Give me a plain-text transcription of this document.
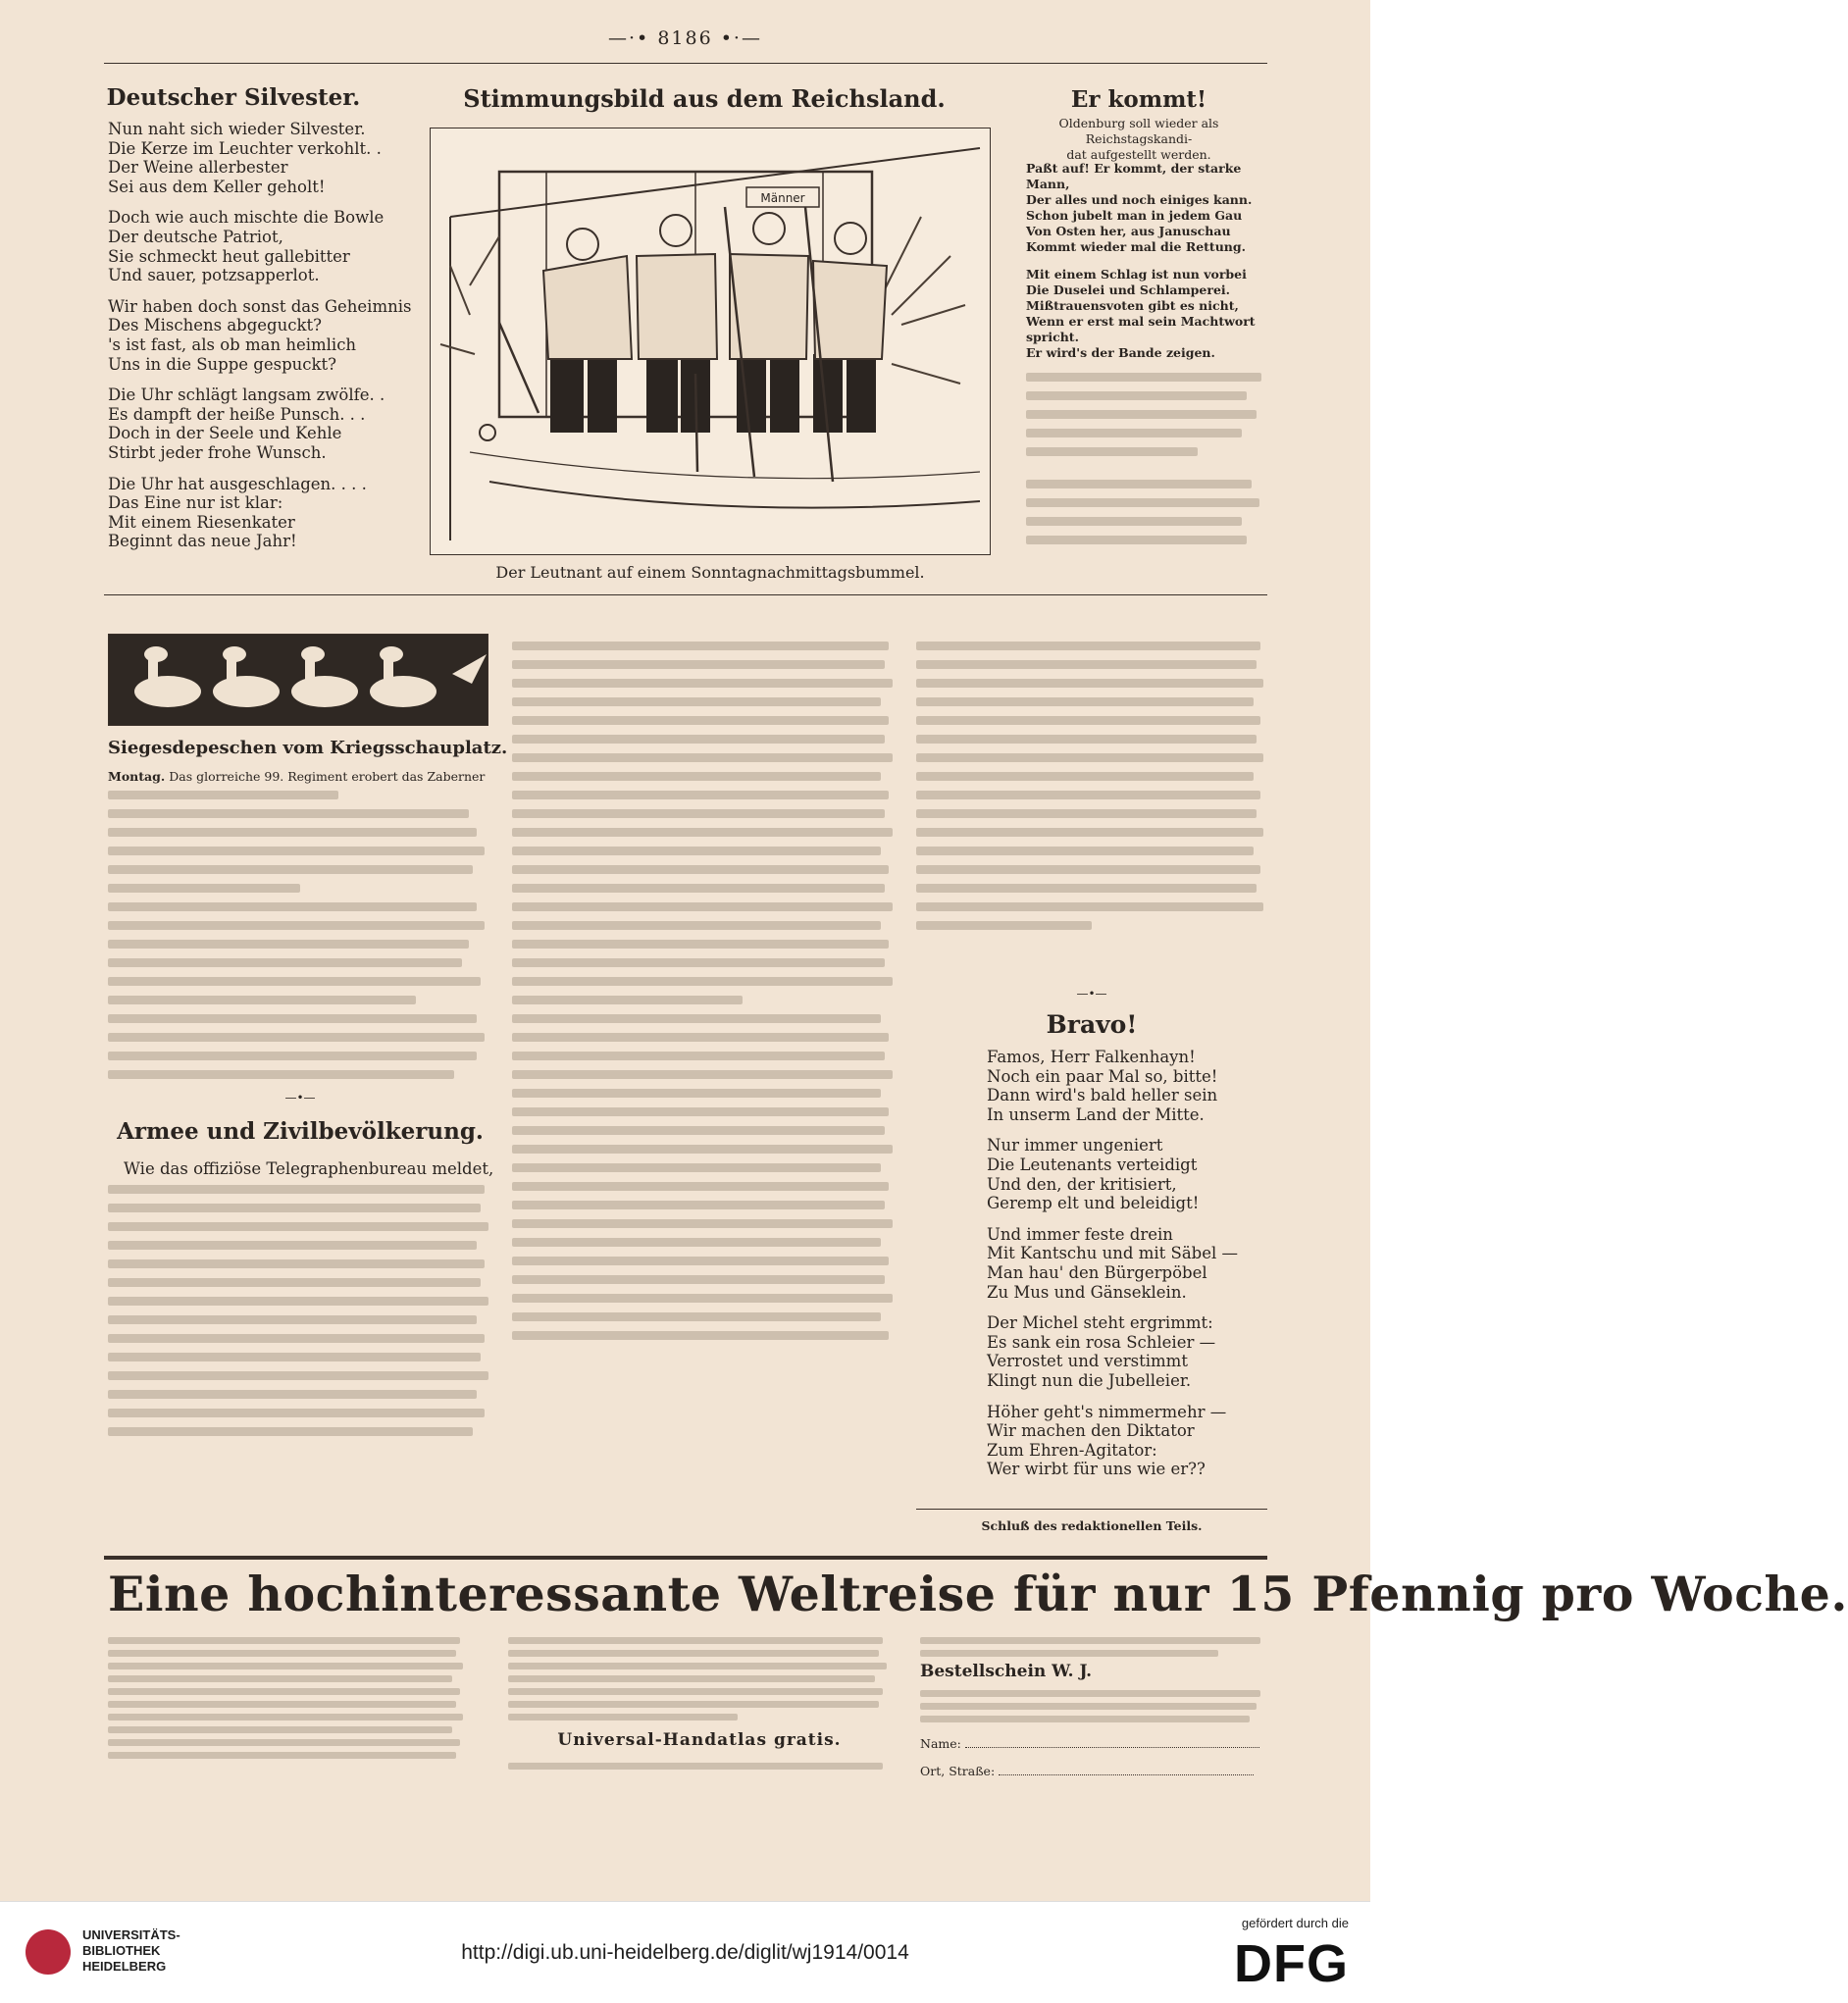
—·• 8186 •·—
Deutscher Silvester.

Nun naht sich wieder Silvester.

Die Kerze im Leuchter verkohlt. .

Der Weine allerbester

Sei aus dem Keller geholt!

Doch wie auch mischte die Bowle

Der deutsche Patriot,

Sie schmeckt heut gallebitter

Und sauer, potzsapperlot.

Wir haben doch sonst das Geheimnis

Des Mischens abgeguckt?

's ist fast, als ob man heimlich

Uns in die Suppe gespuckt?

Die Uhr schlägt langsam zwölfe. .

Es dampft der heiße Punsch. . .

Doch in der Seele und Kehle

Stirbt jeder frohe Wunsch.

Die Uhr hat ausgeschlagen. . . .

Das Eine nur ist klar:

Mit einem Riesenkater

Beginnt das neue Jahr!

Stimmungsbild aus dem Reichsland.
Männer
Der Leutnant auf einem Sonntagnachmittagsbummel.
Er kommt!

Oldenburg soll wieder als Reichstagskandi-

dat aufgestellt werden.

Paßt auf! Er kommt, der starke Mann,

Der alles und noch einiges kann.

Schon jubelt man in jedem Gau

Von Osten her, aus Januschau

Kommt wieder mal die Rettung.

Mit einem Schlag ist nun vorbei

Die Duselei und Schlamperei.

Mißtrauensvoten gibt es nicht,

Wenn er erst mal sein Machtwort spricht.

Er wird's der Bande zeigen.

Siegesdepeschen vom Kriegsschauplatz.
Montag. Das glorreiche 99. Regiment erobert das Zaberner
—•—
Armee und Zivilbevölkerung.
Wie das offiziöse Telegraphenbureau meldet,
—•—
Bravo!

Famos, Herr Falkenhayn!

Noch ein paar Mal so, bitte!

Dann wird's bald heller sein

In unserm Land der Mitte.

Nur immer ungeniert

Die Leutenants verteidigt

Und den, der kritisiert,

Geremp elt und beleidigt!

Und immer feste drein

Mit Kantschu und mit Säbel —

Man hau' den Bürgerpöbel

Zu Mus und Gänseklein.

Der Michel steht ergrimmt:

Es sank ein rosa Schleier —

Verrostet und verstimmt

Klingt nun die Jubelleier.

Höher geht's nimmermehr —

Wir machen den Diktator

Zum Ehren-Agitator:

Wer wirbt für uns wie er??

Schluß des redaktionellen Teils.
Eine hochinteressante Weltreise für nur 15 Pfennig pro Woche.
Universal-Handatlas gratis.
Bestellschein W. J.
Name:
Ort, Straße:
UNIVERSITÄTS-
BIBLIOTHEK
HEIDELBERG
http://digi.ub.uni-heidelberg.de/diglit/wj1914/0014
gefördert durch die
DFG
